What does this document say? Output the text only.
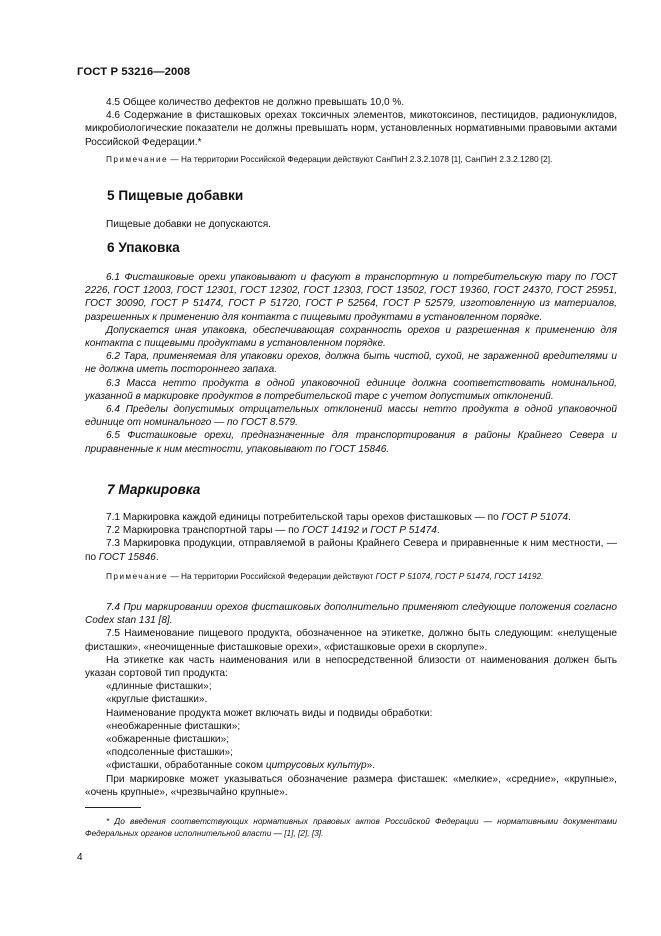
ГОСТ Р 53216—2008

4.5 Общее количество дефектов не должно превышать 10,0 %.

4.6 Содержание в фисташковых орехах токсичных элементов, микотоксинов, пестицидов, радионуклидов, микробиологические показатели не должны превышать норм, установленных нормативными правовыми актами Российской Федерации.*

Примечание — На территории Российской Федерации действуют СанПиН 2.3.2.1078 [1], СанПиН 2.3.2.1280 [2].

5 Пищевые добавки

Пищевые добавки не допускаются.

6 Упаковка

6.1 Фисташковые орехи упаковывают и фасуют в транспортную и потребительскую тару по ГОСТ 2226, ГОСТ 12003, ГОСТ 12301, ГОСТ 12302, ГОСТ 12303, ГОСТ 13502, ГОСТ 19360, ГОСТ 24370, ГОСТ 25951, ГОСТ 30090, ГОСТ Р 51474, ГОСТ Р 51720, ГОСТ Р 52564, ГОСТ Р 52579, изготовленную из материалов, разрешенных к применению для контакта с пищевыми продуктами в установленном порядке.

Допускается иная упаковка, обеспечивающая сохранность орехов и разрешенная к применению для контакта с пищевыми продуктами в установленном порядке.

6.2 Тара, применяемая для упаковки орехов, должна быть чистой, сухой, не зараженной вредителями и не должна иметь постороннего запаха.

6.3 Масса нетто продукта в одной упаковочной единице должна соответствовать номинальной, указанной в маркировке продуктов в потребительской таре с учетом допустимых отклонений.

6.4 Пределы допустимых отрицательных отклонений массы нетто продукта в одной упаковочной единице от номинального — по ГОСТ 8.579.

6.5 Фисташковые орехи, предназначенные для транспортирования в районы Крайнего Севера и приравненные к ним местности, упаковывают по ГОСТ 15846.

7 Маркировка

7.1 Маркировка каждой единицы потребительской тары орехов фисташковых — по ГОСТ Р 51074.

7.2 Маркировка транспортной тары — по ГОСТ 14192 и ГОСТ Р 51474.

7.3 Маркировка продукции, отправляемой в районы Крайнего Севера и приравненные к ним местности, — по ГОСТ 15846.

Примечание — На территории Российской Федерации действуют ГОСТ Р 51074, ГОСТ Р 51474, ГОСТ 14192.

7.4 При маркировании орехов фисташковых дополнительно применяют следующие положения согласно Codex stan 131 [8].

7.5 Наименование пищевого продукта, обозначенное на этикетке, должно быть следующим: «нелущеные фисташки», «неочищенные фисташковые орехи», «фисташковые орехи в скорлупе».

На этикетке как часть наименования или в непосредственной близости от наименования должен быть указан сортовой тип продукта:

«длинные фисташки»;

«круглые фисташки».

Наименование продукта может включать виды и подвиды обработки:

«необжаренные фисташки»;

«обжаренные фисташки»;

«подсоленные фисташки»;

«фисташки, обработанные соком цитрусовых культур».

При маркировке может указываться обозначение размера фисташек: «мелкие», «средние», «крупные», «очень крупные», «чрезвычайно крупные».

* До введения соответствующих нормативных правовых актов Российской Федерации — нормативными документами Федеральных органов исполнительной власти — [1], [2], [3].

4
